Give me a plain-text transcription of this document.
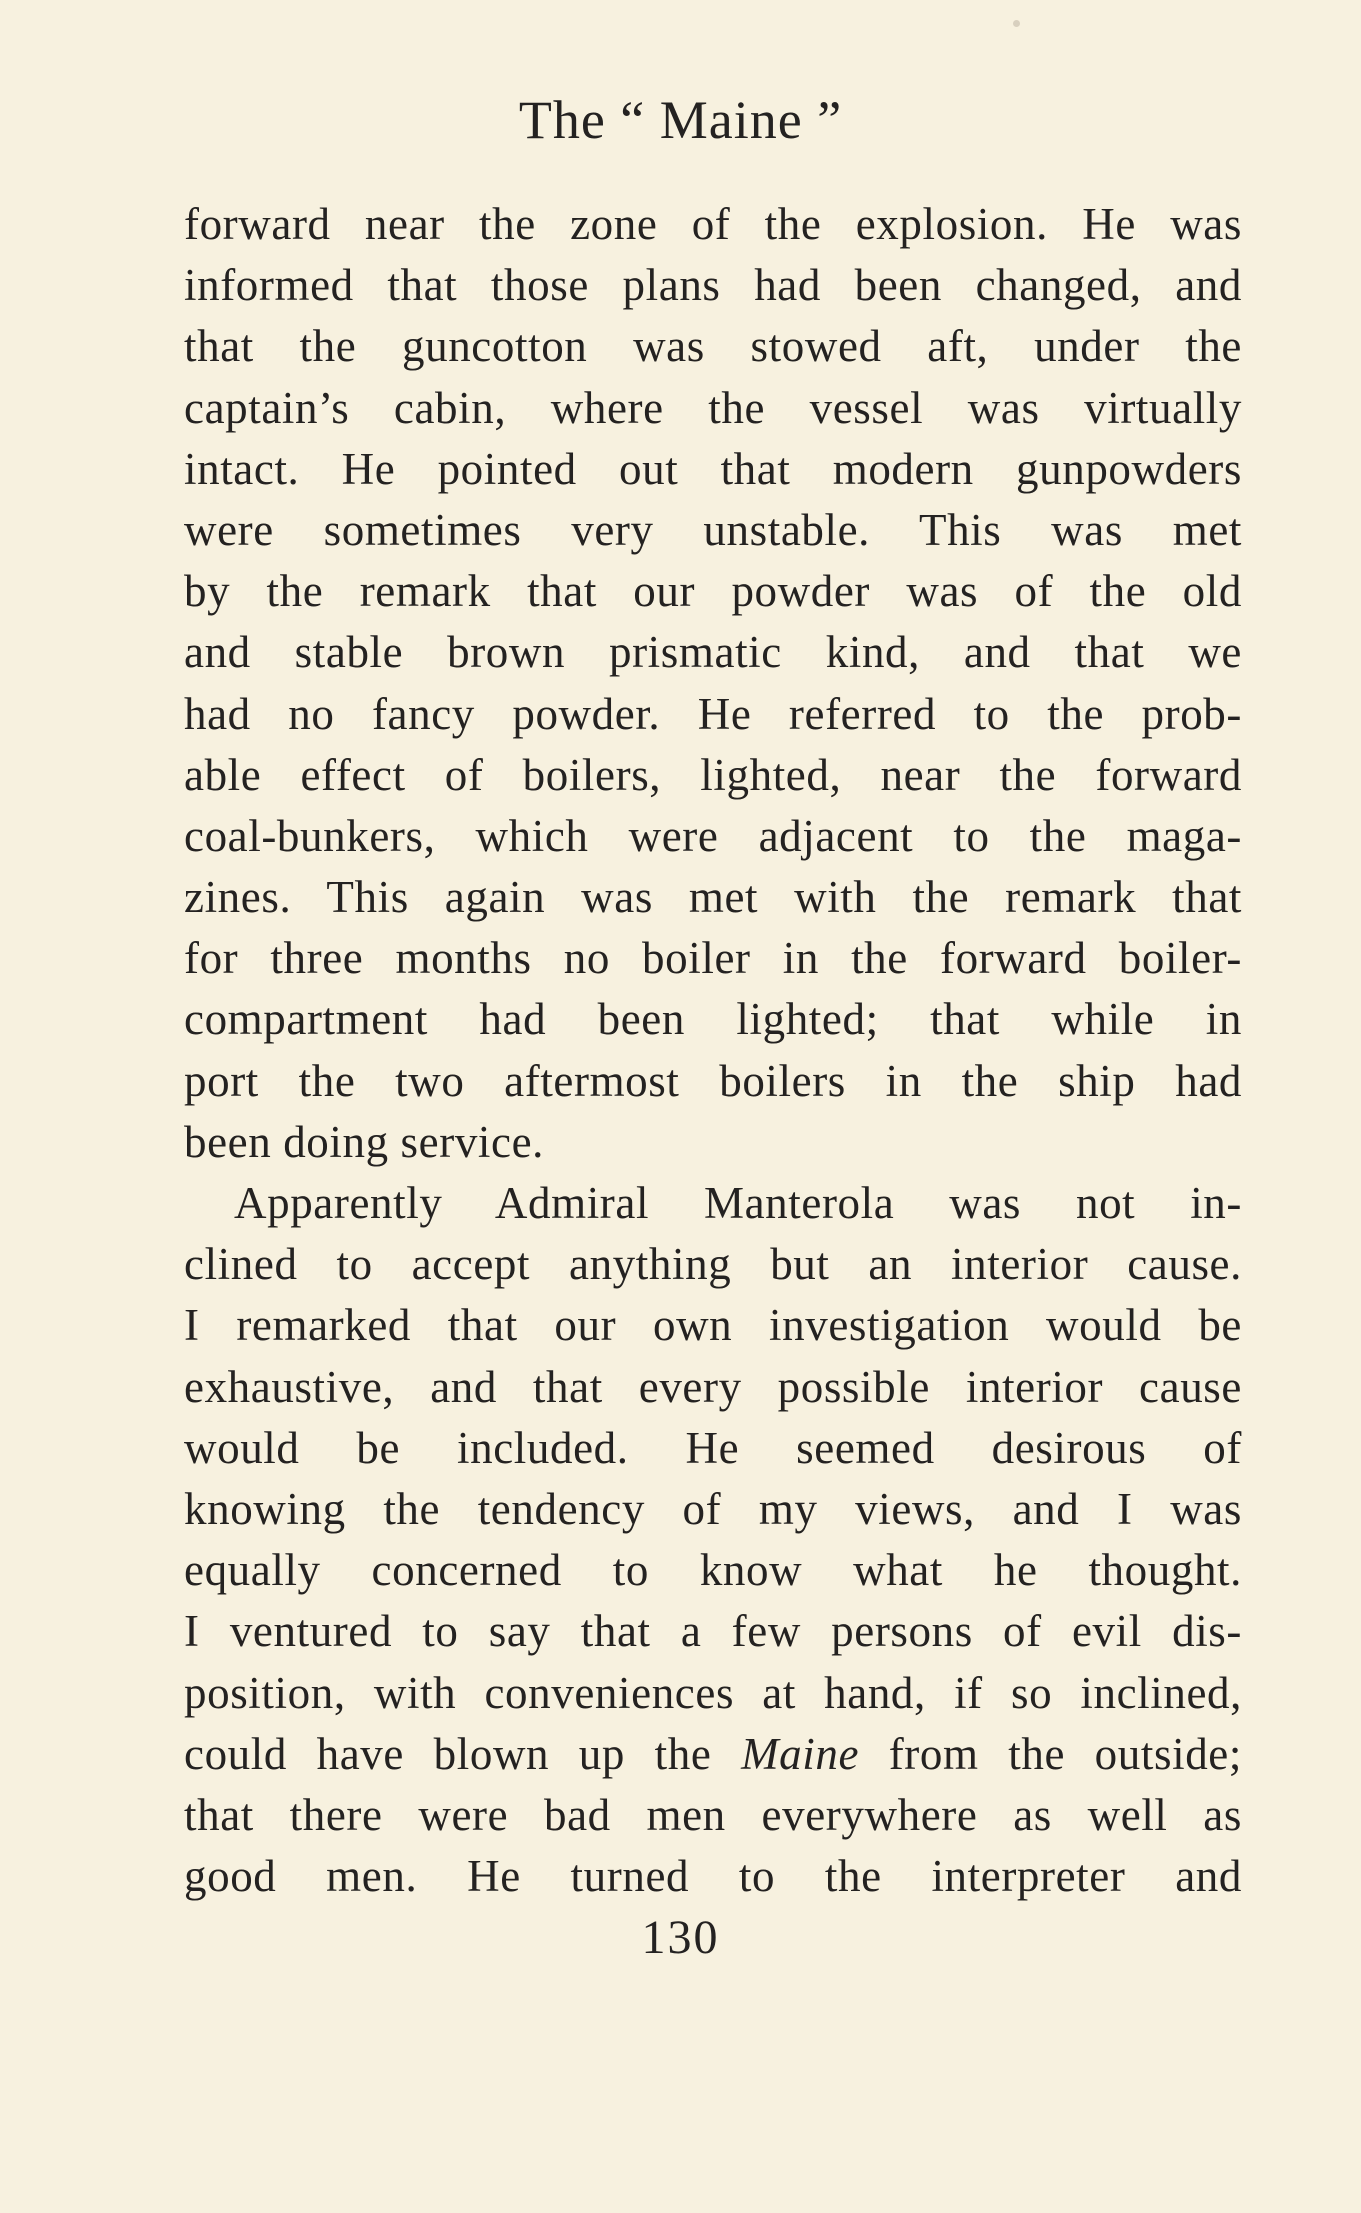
The “ Maine ”
forward near the zone of the explosion. He was
informed that those plans had been changed, and
that the guncotton was stowed aft, under the
captain’s cabin, where the vessel was virtually
intact. He pointed out that modern gunpowders
were sometimes very unstable. This was met
by the remark that our powder was of the old
and stable brown prismatic kind, and that we
had no fancy powder. He referred to the prob-
able effect of boilers, lighted, near the forward
coal-bunkers, which were adjacent to the maga-
zines. This again was met with the remark that
for three months no boiler in the forward boiler-
compartment had been lighted; that while in
port the two aftermost boilers in the ship had
been doing service.
Apparently Admiral Manterola was not in-
clined to accept anything but an interior cause.
I remarked that our own investigation would be
exhaustive, and that every possible interior cause
would be included. He seemed desirous of
knowing the tendency of my views, and I was
equally concerned to know what he thought.
I ventured to say that a few persons of evil dis-
position, with conveniences at hand, if so inclined,
could have blown up the Maine from the outside;
that there were bad men everywhere as well as
good men. He turned to the interpreter and
130
